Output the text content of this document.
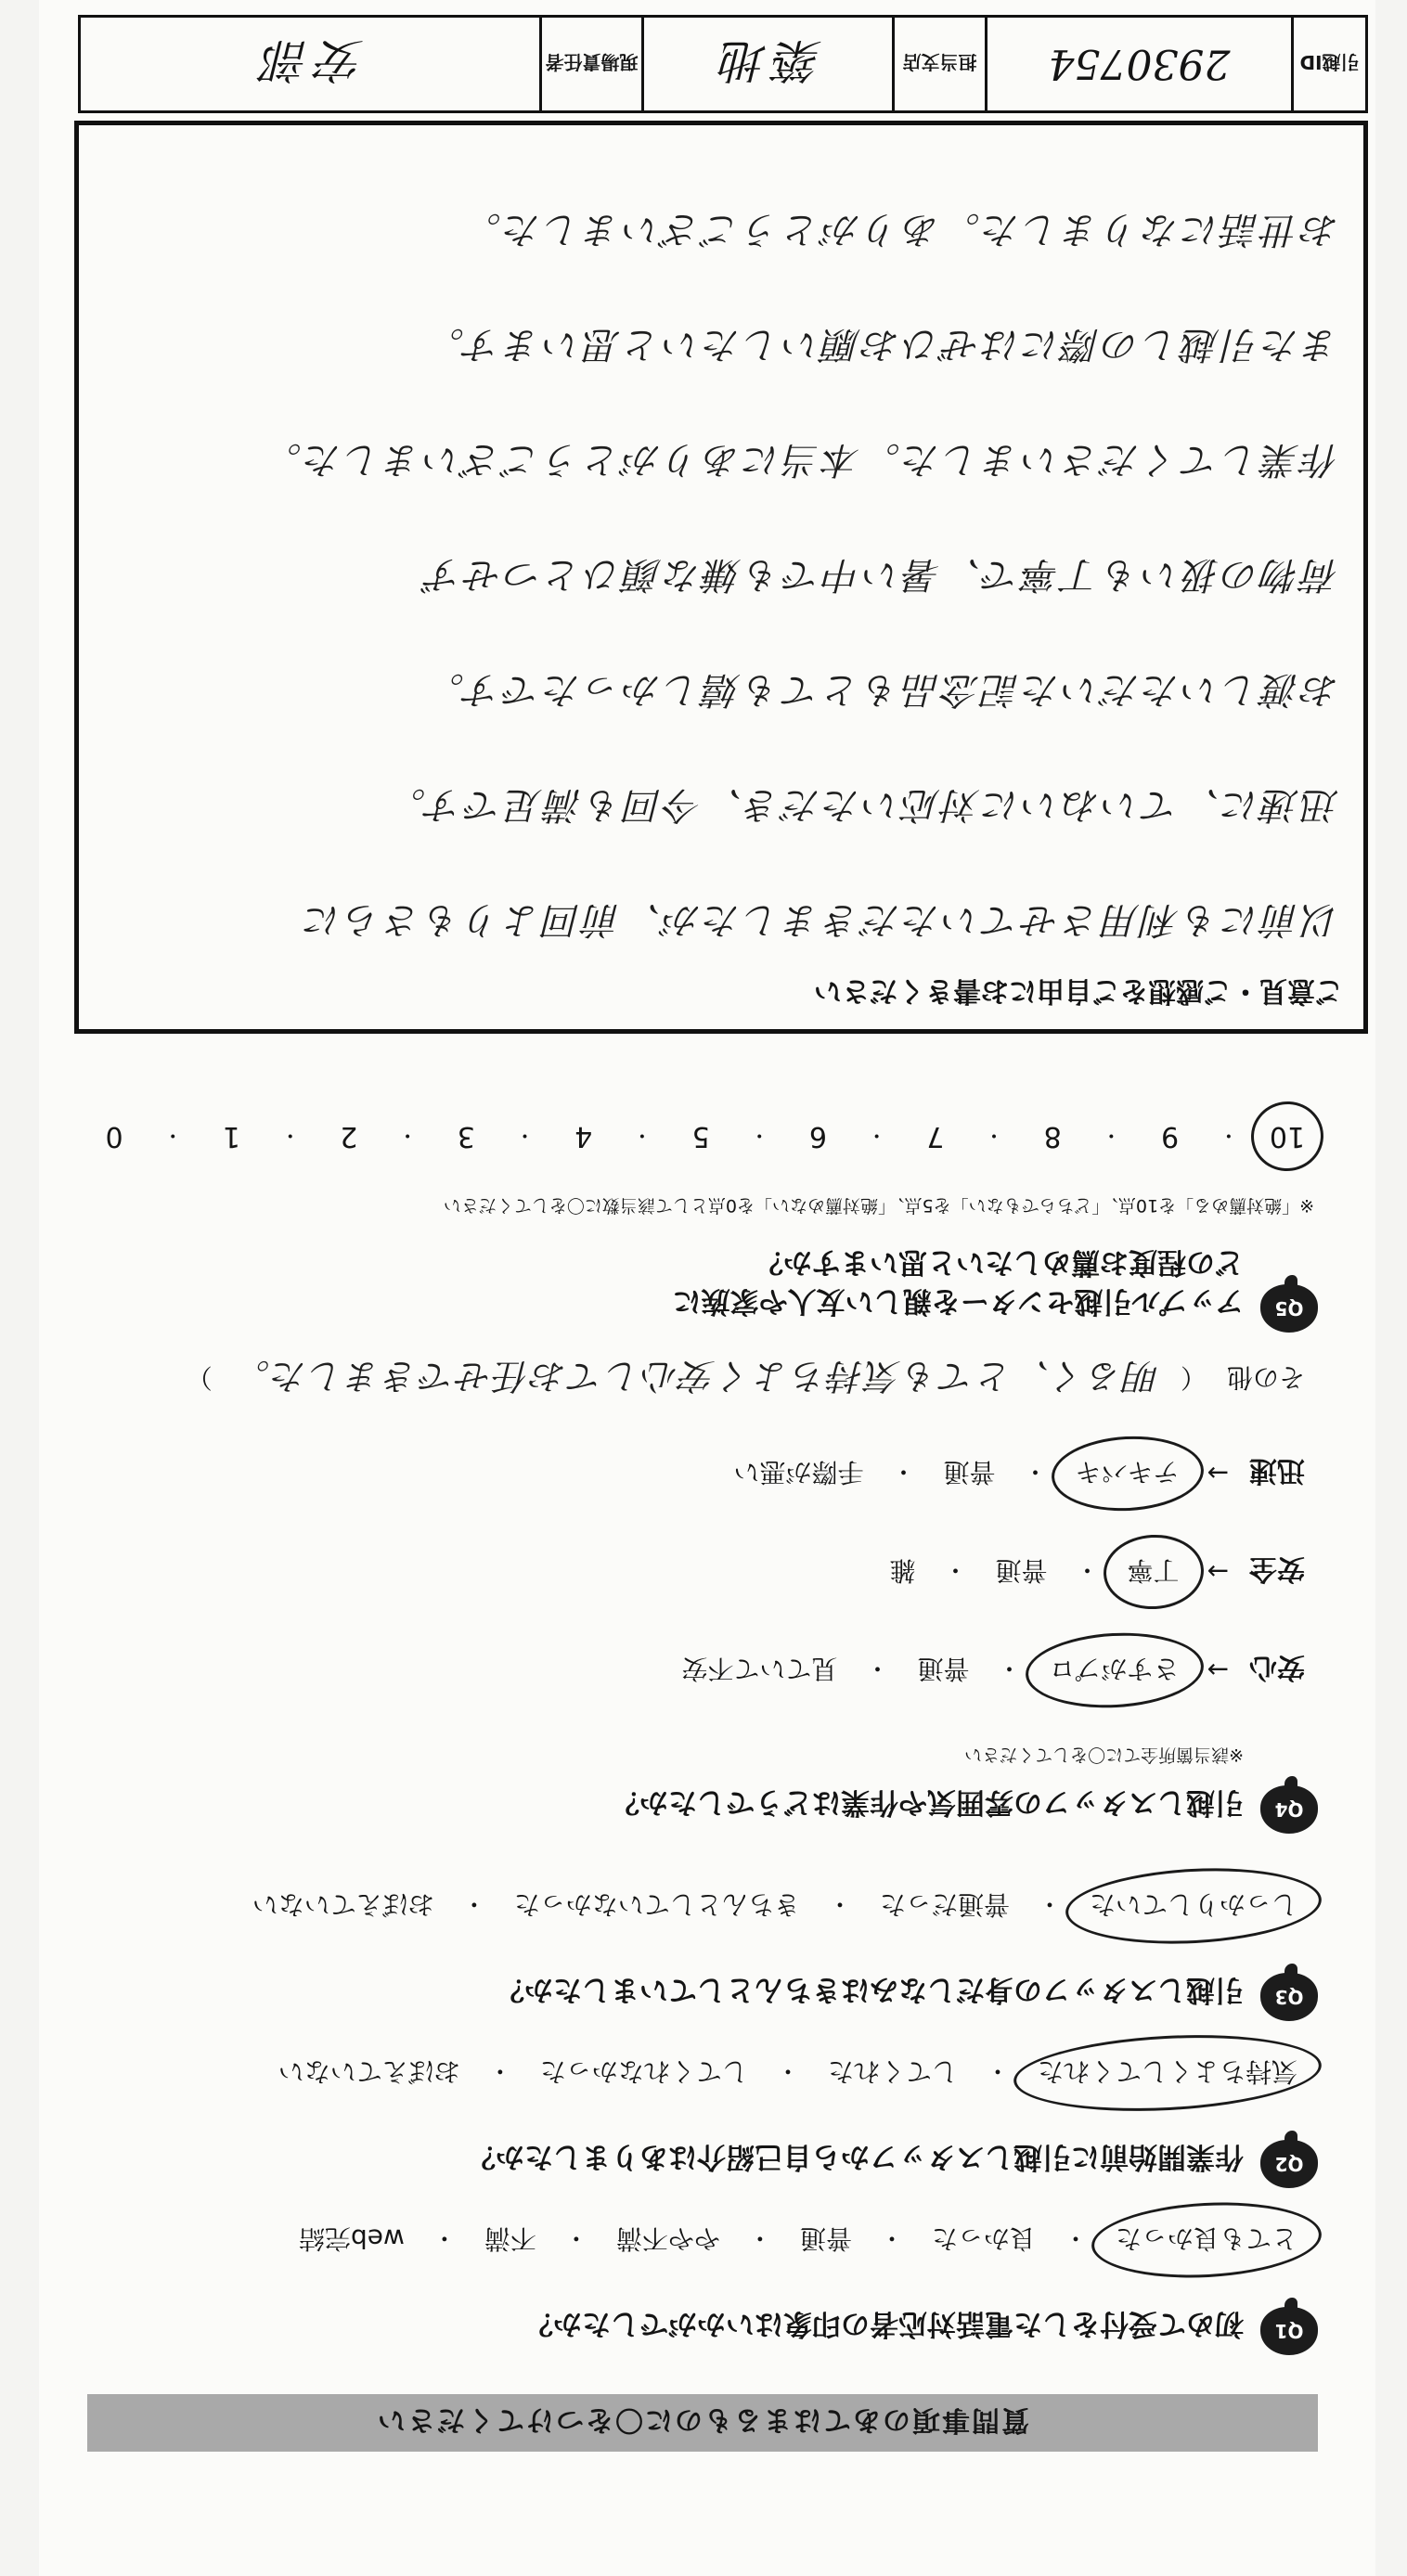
質問事項のあてはまるものに〇をつけてください
Q1
初めて受付をした電話対応者の印象はいかがでしたか？
とても良かった
・
良かった
・
普通
・
やや不満
・
不満
・
web完結
Q2
作業開始前に引越しスタッフから自己紹介はありましたか？
気持ちよくしてくれた
・
してくれた
・
してくれなかった
・
おぼえていない
Q3
引越しスタッフの身だしなみはきちんとしていましたか？
しっかりしていた
・
普通だった
・
きちんとしていなかった
・
おぼえていない
Q4
引越しスタッフの雰囲気や作業はどうでしたか？
※該当箇所全てに〇をしてください
安心
→
さすがプロ
・
普通
・
見ていて不安
安全
→
丁寧
・
普通
・
雑
迅速
→
テキパキ
・
普通
・
手際が悪い
その他
（
明るく、とても気持ちよく安心してお任せできました。
）
Q5
アップル引越センターを親しい友人や家族に
どの程度お薦めしたいと思いますか？
※「絶対薦める」を10点、「どちらでもない」を5点、「絶対薦めない」を0点として該当数に〇をしてください
10
・
9
・
8
・
7
・
6
・
5
・
4
・
3
・
2
・
1
・
0
ご意見・ご感想をご自由にお書きください
以前にも利用させていただきましたが、前回よりもさらに
迅速に、ていねいに対応いただき、今回も満足です。
お渡しいただいた記念品もとても嬉しかったです。
荷物の扱いも丁寧で、暑い中でも嫌な顔ひとつせず
作業してくださいました。本当にありがとうございました。
また引越しの際にはぜひお願いしたいと思います。
お世話になりました。ありがとうございました。
引越ID
2930754
担当支店
築地
現場責任者
安部
